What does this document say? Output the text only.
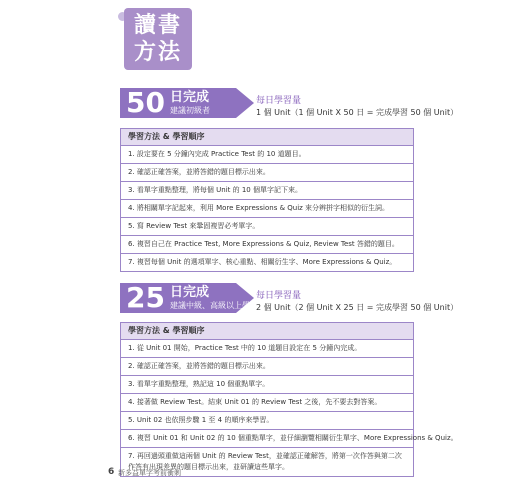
讀書
方法
50 日完成
建議初級者
每日學習量
1 個 Unit（1 個 Unit X 50 日 = 完成學習 50 個 Unit）
學習方法 & 學習順序
1. 設定要在 5 分鐘內完成 Practice Test 的 10 道題目。
2. 確認正確答案，並將答錯的題目標示出來。
3. 看單字重點整理，將每個 Unit 的 10 個單字記下來。
4. 將相關單字記起來，利用 More Expressions & Quiz 來分辨拼字相似的衍生詞。
5. 寫 Review Test 來鞏固複習必考單字。
6. 複習自己在 Practice Test, More Expressions & Quiz, Review Test 答錯的題目。
7. 複習每個 Unit 的選項單字、核心重點、相關衍生字、More Expressions & Quiz。
25 日完成
建議中級、高級以上學習者
每日學習量
2 個 Unit（2 個 Unit X 25 日 = 完成學習 50 個 Unit）
學習方法 & 學習順序
1. 從 Unit 01 開始，Practice Test 中的 10 道題目設定在 5 分鐘內完成。
2. 確認正確答案，並將答錯的題目標示出來。
3. 看單字重點整理，熟記這 10 個重點單字。
4. 接著做 Review Test。結束 Unit 01 的 Review Test 之後，先不要去對答案。
5. Unit 02 也依照步驟 1 至 4 的順序來學習。
6. 複習 Unit 01 和 Unit 02 的 10 個重點單字，並仔細瀏覽相關衍生單字、More Expressions & Quiz。
7. 再回過頭重做這兩個 Unit 的 Review Test，並確認正確解答，將第一次作答與第二次作答有出現差異的題目標示出來，並研讀這些單字。
6 新多益單字考前衝刺
